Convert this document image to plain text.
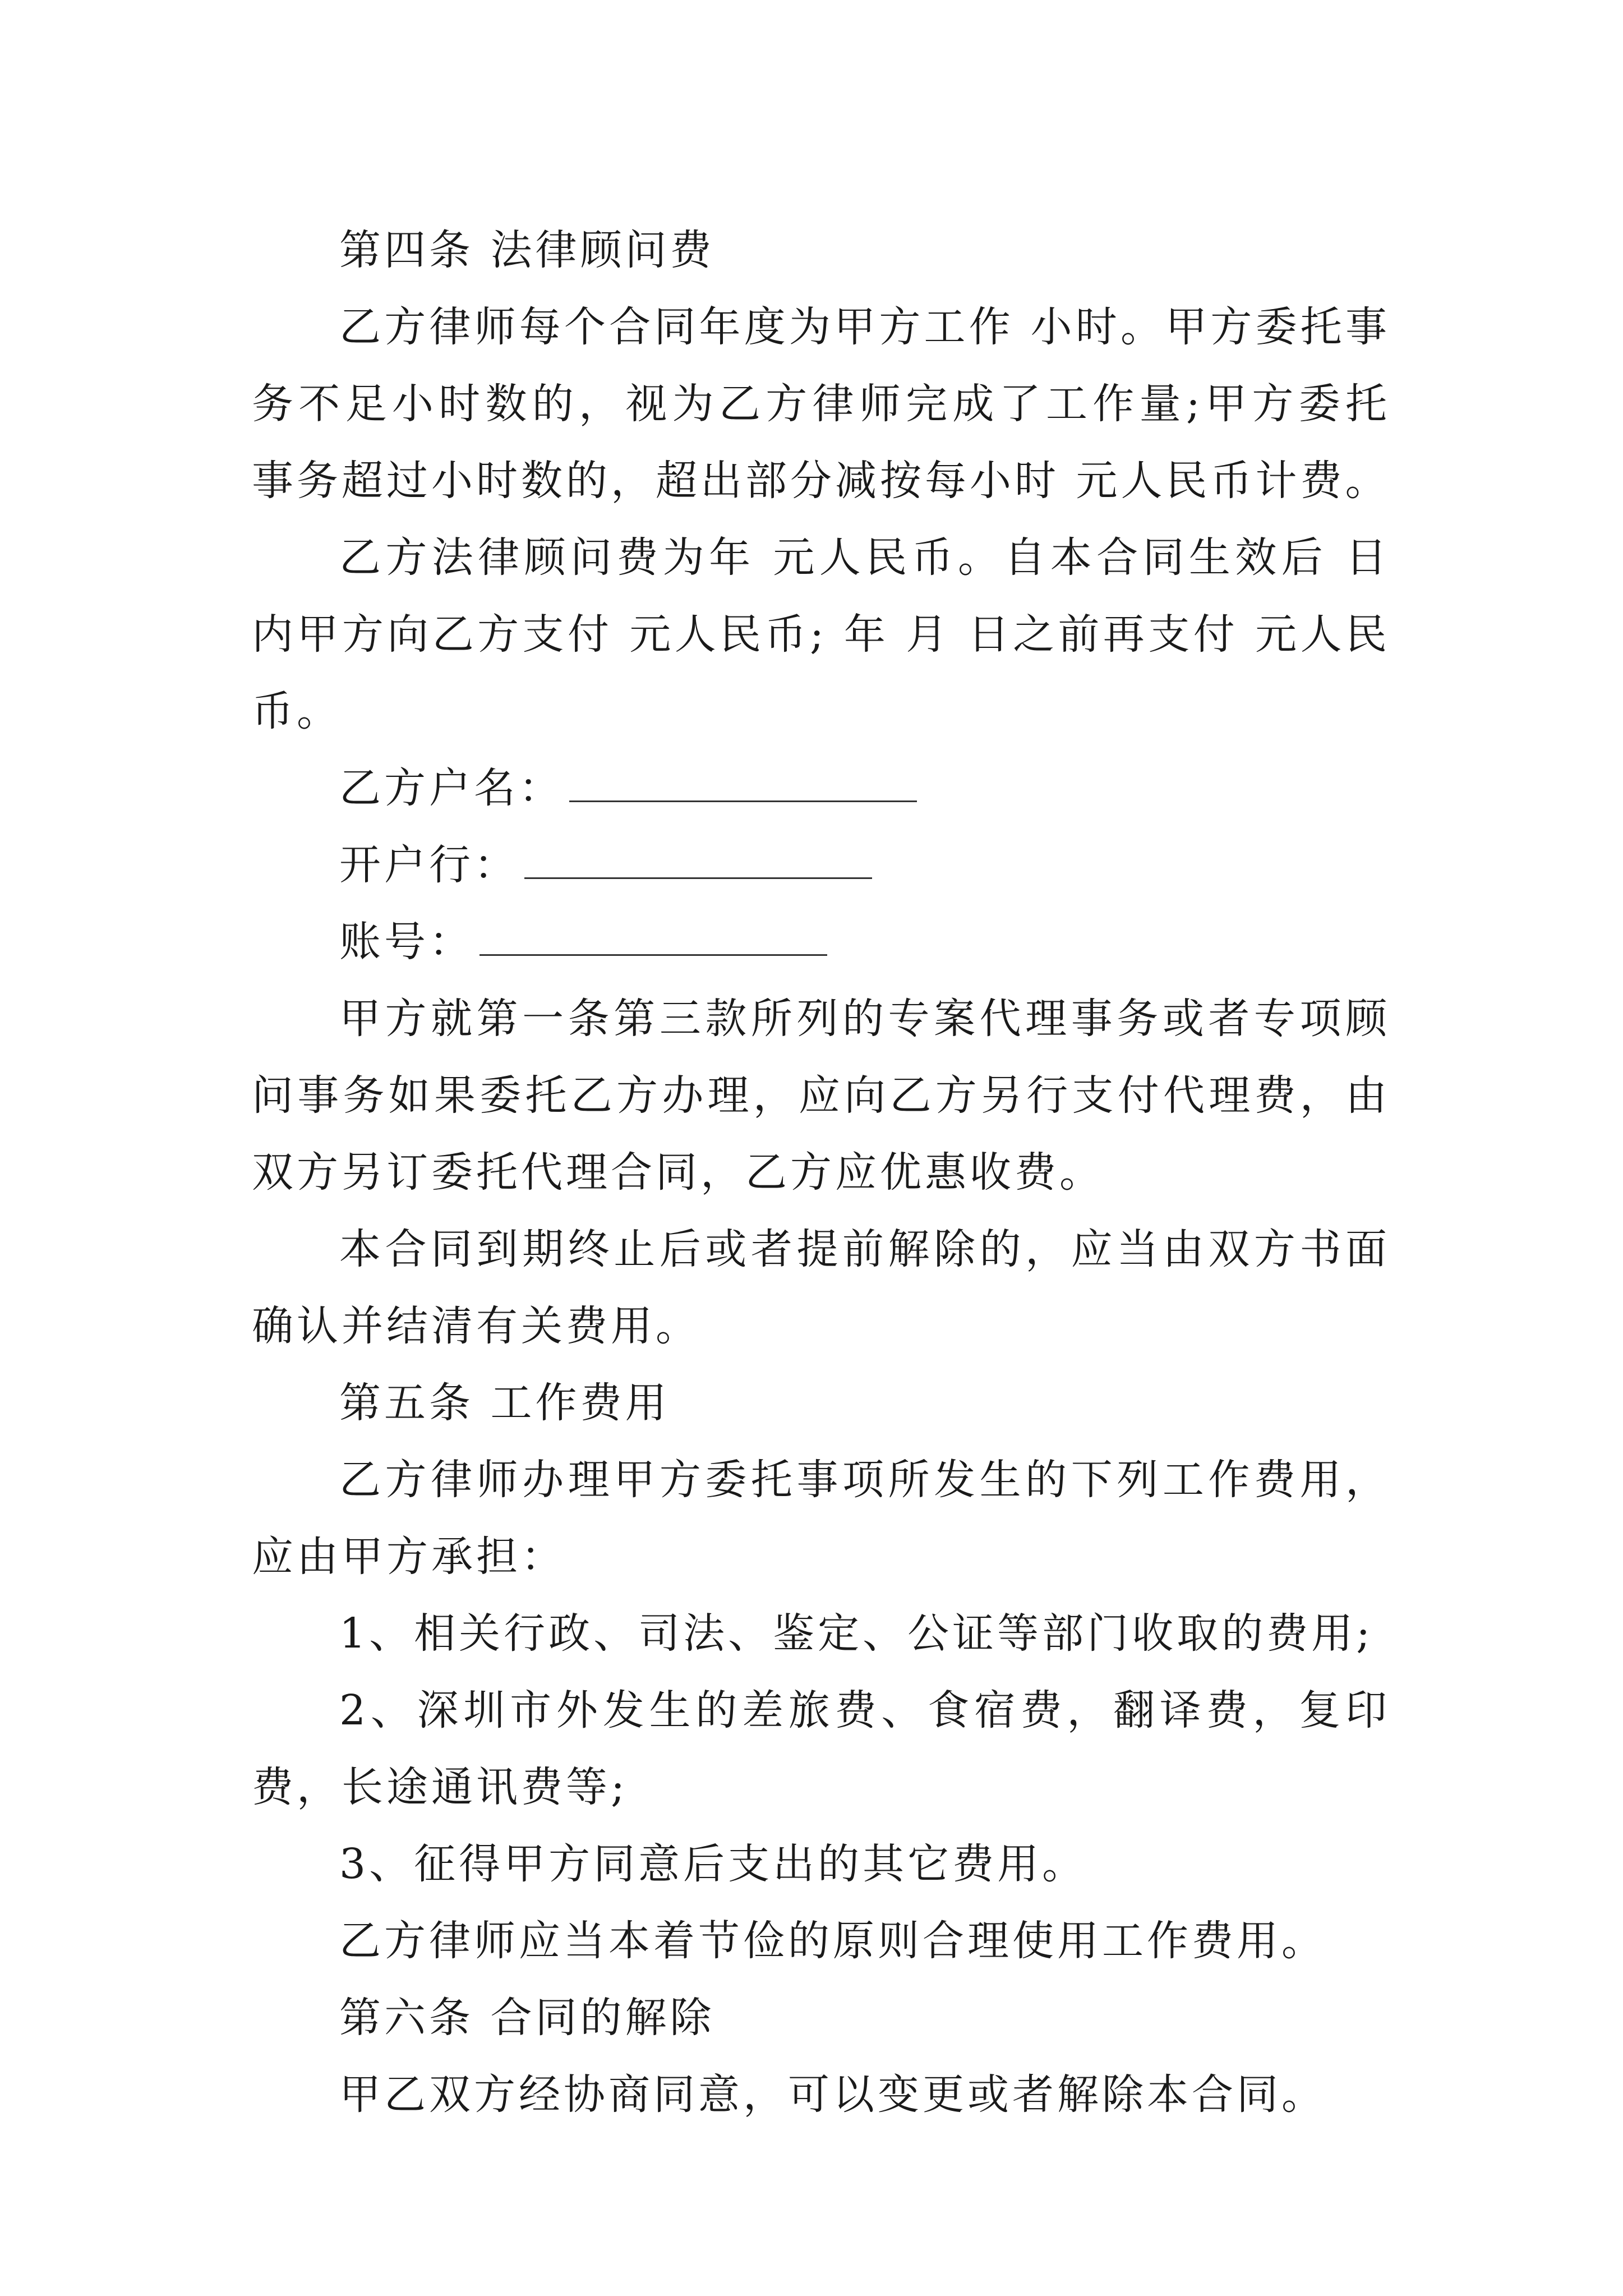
第四条 法律顾问费

乙方律师每个合同年度为甲方工作 小时。甲方委托事务不足小时数的，视为乙方律师完成了工作量;甲方委托事务超过小时数的，超出部分减按每小时 元人民币计费。

乙方法律顾问费为年 元人民币。自本合同生效后 日内甲方向乙方支付 元人民币; 年 月 日之前再支付 元人民币。

乙方户名：

开户行：

账号：

甲方就第一条第三款所列的专案代理事务或者专项顾问事务如果委托乙方办理，应向乙方另行支付代理费，由双方另订委托代理合同，乙方应优惠收费。

本合同到期终止后或者提前解除的，应当由双方书面确认并结清有关费用。

第五条 工作费用

乙方律师办理甲方委托事项所发生的下列工作费用，应由甲方承担：

1、相关行政、司法、鉴定、公证等部门收取的费用;

2、深圳市外发生的差旅费、食宿费，翻译费，复印费，长途通讯费等;

3、征得甲方同意后支出的其它费用。

乙方律师应当本着节俭的原则合理使用工作费用。

第六条 合同的解除

甲乙双方经协商同意，可以变更或者解除本合同。
